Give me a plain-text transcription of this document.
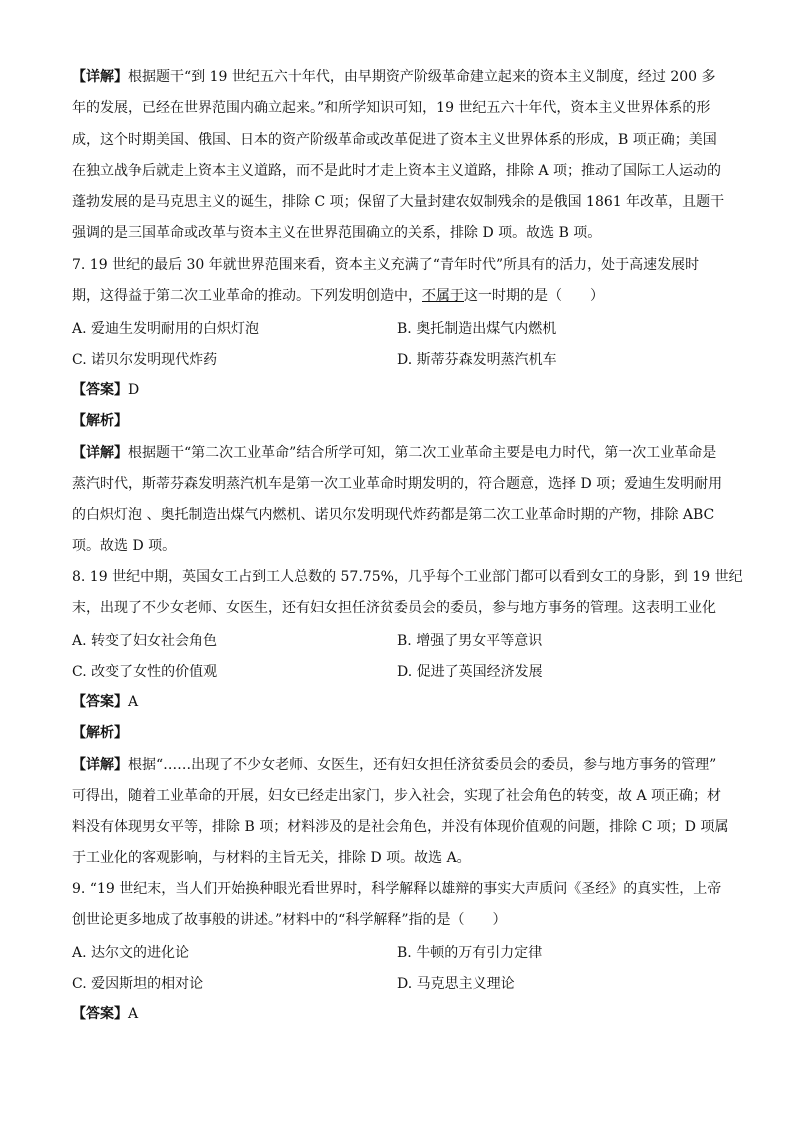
【详解】根据题干“到 19 世纪五六十年代，由早期资产阶级革命建立起来的资本主义制度，经过 200 多
年的发展，已经在世界范围内确立起来。”和所学知识可知，19 世纪五六十年代，资本主义世界体系的形
成，这个时期美国、俄国、日本的资产阶级革命或改革促进了资本主义世界体系的形成，B 项正确；美国
在独立战争后就走上资本主义道路，而不是此时才走上资本主义道路，排除 A 项；推动了国际工人运动的
蓬勃发展的是马克思主义的诞生，排除 C 项；保留了大量封建农奴制残余的是俄国 1861 年改革，且题干
强调的是三国革命或改革与资本主义在世界范围确立的关系，排除 D 项。故选 B 项。
7. 19 世纪的最后 30 年就世界范围来看，资本主义充满了“青年时代”所具有的活力，处于高速发展时
期，这得益于第二次工业革命的推动。下列发明创造中，不属于这一时期的是（　　）
A. 爱迪生发明耐用的白炽灯泡	B. 奥托制造出煤气内燃机
C. 诺贝尔发明现代炸药	D. 斯蒂芬森发明蒸汽机车
【答案】D
【解析】
【详解】根据题干“第二次工业革命”结合所学可知，第二次工业革命主要是电力时代，第一次工业革命是
蒸汽时代，斯蒂芬森发明蒸汽机车是第一次工业革命时期发明的，符合题意，选择 D 项；爱迪生发明耐用
的白炽灯泡 、奥托制造出煤气内燃机、诺贝尔发明现代炸药都是第二次工业革命时期的产物，排除 ABC
项。故选 D 项。
8. 19 世纪中期，英国女工占到工人总数的 57.75%，几乎每个工业部门都可以看到女工的身影，到 19 世纪
末，出现了不少女老师、女医生，还有妇女担任济贫委员会的委员，参与地方事务的管理。这表明工业化
A. 转变了妇女社会角色	B. 增强了男女平等意识
C. 改变了女性的价值观	D. 促进了英国经济发展
【答案】A
【解析】
【详解】根据“……出现了不少女老师、女医生，还有妇女担任济贫委员会的委员，参与地方事务的管理”
可得出，随着工业革命的开展，妇女已经走出家门，步入社会，实现了社会角色的转变，故 A 项正确；材
料没有体现男女平等，排除 B 项；材料涉及的是社会角色，并没有体现价值观的问题，排除 C 项；D 项属
于工业化的客观影响，与材料的主旨无关，排除 D 项。故选 A。
9. “19 世纪末，当人们开始换种眼光看世界时，科学解释以雄辩的事实大声质问《圣经》的真实性，上帝
创世论更多地成了故事般的讲述。”材料中的“科学解释”指的是（　　）
A. 达尔文的进化论	B. 牛顿的万有引力定律
C. 爱因斯坦的相对论	D. 马克思主义理论
【答案】A
